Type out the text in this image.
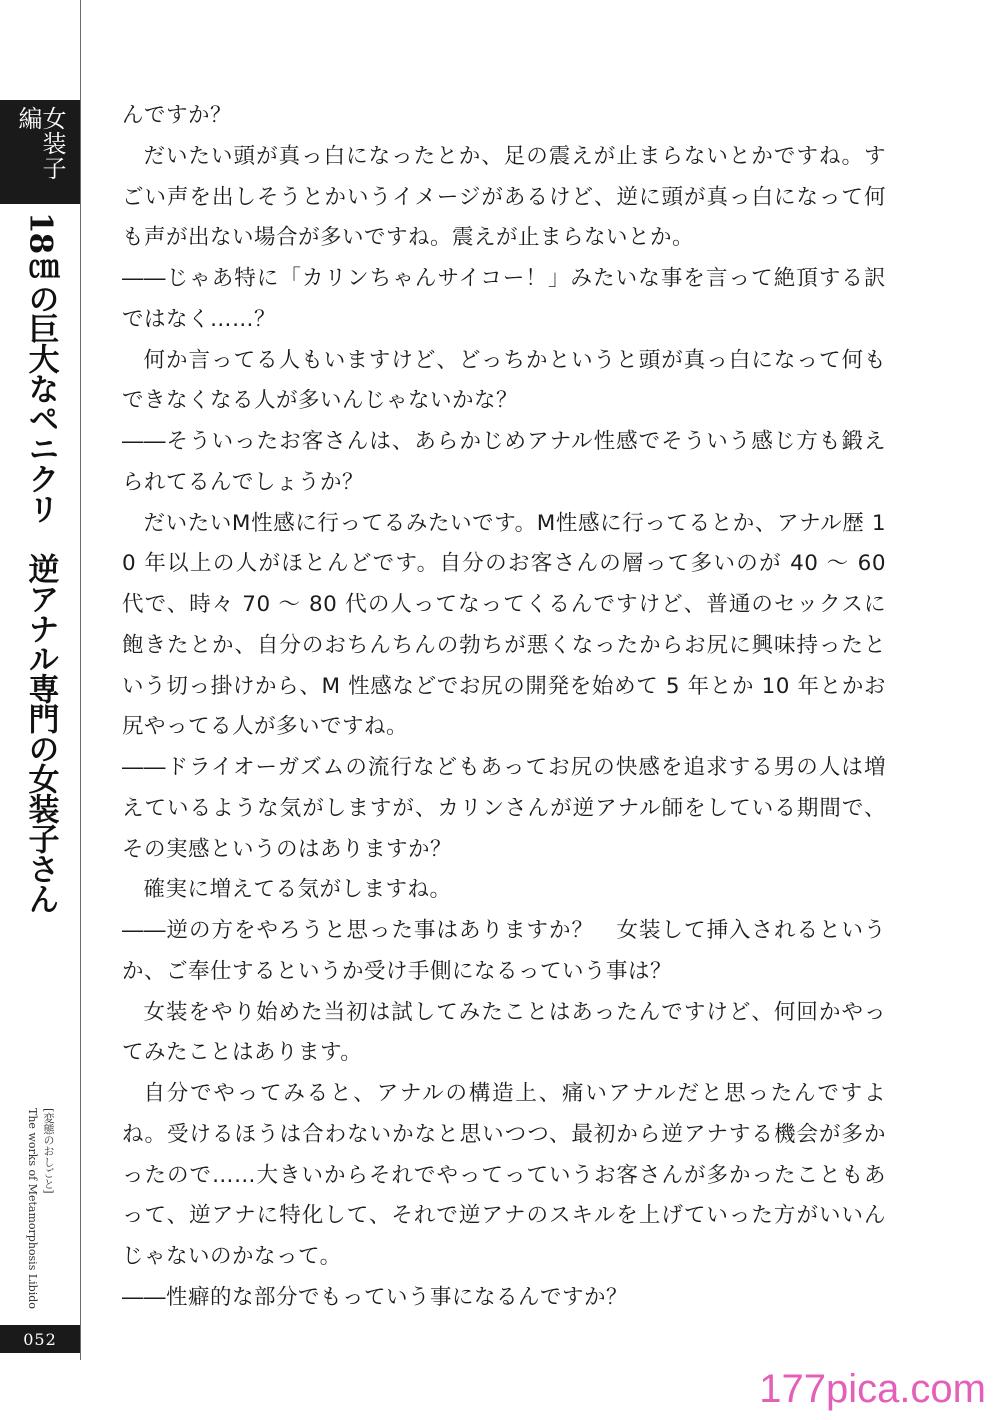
女装子編
18㎝の巨大なペニクリ　逆アナル専門の女装子さん
The works of Metamorphosis Libido [変態のおしごと]
052

んですか？

だいたい頭が真っ白になったとか、足の震えが止まらないとかですね。すごい声を出しそうとかいうイメージがあるけど、逆に頭が真っ白になって何も声が出ない場合が多いですね。震えが止まらないとか。

――じゃあ特に「カリンちゃんサイコー！」みたいな事を言って絶頂する訳ではなく……？

何か言ってる人もいますけど、どっちかというと頭が真っ白になって何もできなくなる人が多いんじゃないかな？

――そういったお客さんは、あらかじめアナル性感でそういう感じ方も鍛えられてるんでしょうか？

だいたいM性感に行ってるみたいです。M性感に行ってるとか、アナル歴 10 年以上の人がほとんどです。自分のお客さんの層って多いのが 40 ～ 60 代で、時々 70 ～ 80 代の人ってなってくるんですけど、普通のセックスに飽きたとか、自分のおちんちんの勃ちが悪くなったからお尻に興味持ったという切っ掛けから、M 性感などでお尻の開発を始めて 5 年とか 10 年とかお尻やってる人が多いですね。

――ドライオーガズムの流行などもあってお尻の快感を追求する男の人は増えているような気がしますが、カリンさんが逆アナル師をしている期間で、その実感というのはありますか？

確実に増えてる気がしますね。

――逆の方をやろうと思った事はありますか？　女装して挿入されるというか、ご奉仕するというか受け手側になるっていう事は？

女装をやり始めた当初は試してみたことはあったんですけど、何回かやってみたことはあります。

自分でやってみると、アナルの構造上、痛いアナルだと思ったんですよね。受けるほうは合わないかなと思いつつ、最初から逆アナする機会が多かったので……大きいからそれでやってっていうお客さんが多かったこともあって、逆アナに特化して、それで逆アナのスキルを上げていった方がいいんじゃないのかなって。

――性癖的な部分でもっていう事になるんですか？

177pica.com
